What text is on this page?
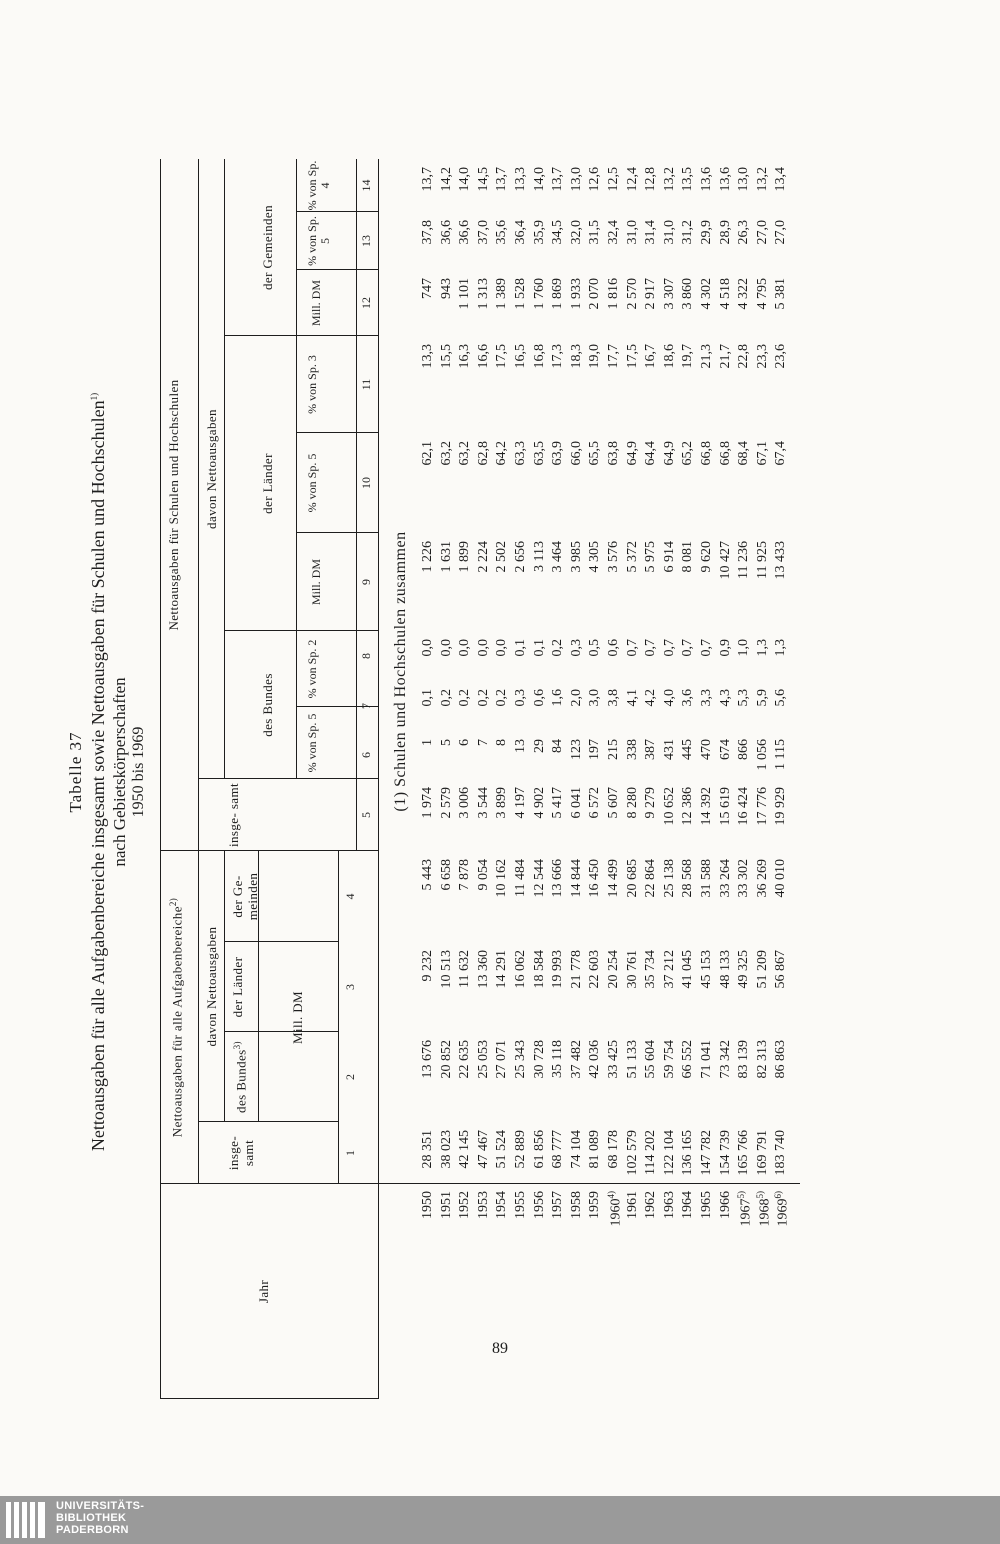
Tabelle 37 Nettoausgaben für alle Aufgabenbereiche insgesamt sowie Nettoausgaben für Schulen und Hochschulen$^{1)}$
nach Gebietskörperschaften 1950 bis 1969
Jahr
Nettoausgaben für alle Aufgabenbereiche$^{2)}$
insge- samt
davon Nettoausgaben
des Bundes$^{3)}$
der Länder
der Ge- meinden
Mill. DM
Nettoausgaben für Schulen und Hochschulen
insge- samt
davon Nettoausgaben
des Bundes
der Länder
der Gemeinden
% von Sp. 5
% von Sp. 2
Mill. DM
% von Sp. 5
% von Sp. 3
Mill. DM
% von Sp. 5
% von Sp. 4
1
2
3
4
5
6
7
8
9
10
11
12
13
14
(1) Schulen und Hochschulen zusammen
1950
28 351
13 676
9 232
5 443
1 974
1
0,1
0,0
1 226
62,1
13,3
747
37,8
13,7
1951
38 023
20 852
10 513
6 658
2 579
5
0,2
0,0
1 631
63,2
15,5
943
36,6
14,2
1952
42 145
22 635
11 632
7 878
3 006
6
0,2
0,0
1 899
63,2
16,3
1 101
36,6
14,0
1953
47 467
25 053
13 360
9 054
3 544
7
0,2
0,0
2 224
62,8
16,6
1 313
37,0
14,5
1954
51 524
27 071
14 291
10 162
3 899
8
0,2
0,0
2 502
64,2
17,5
1 389
35,6
13,7
1955
52 889
25 343
16 062
11 484
4 197
13
0,3
0,1
2 656
63,3
16,5
1 528
36,4
13,3
1956
61 856
30 728
18 584
12 544
4 902
29
0,6
0,1
3 113
63,5
16,8
1 760
35,9
14,0
1957
68 777
35 118
19 993
13 666
5 417
84
1,6
0,2
3 464
63,9
17,3
1 869
34,5
13,7
1958
74 104
37 482
21 778
14 844
6 041
123
2,0
0,3
3 985
66,0
18,3
1 933
32,0
13,0
1959
81 089
42 036
22 603
16 450
6 572
197
3,0
0,5
4 305
65,5
19,0
2 070
31,5
12,6
1960$^{4)}$
68 178
33 425
20 254
14 499
5 607
215
3,8
0,6
3 576
63,8
17,7
1 816
32,4
12,5
1961
102 579
51 133
30 761
20 685
8 280
338
4,1
0,7
5 372
64,9
17,5
2 570
31,0
12,4
1962
114 202
55 604
35 734
22 864
9 279
387
4,2
0,7
5 975
64,4
16,7
2 917
31,4
12,8
1963
122 104
59 754
37 212
25 138
10 652
431
4,0
0,7
6 914
64,9
18,6
3 307
31,0
13,2
1964
136 165
66 552
41 045
28 568
12 386
445
3,6
0,7
8 081
65,2
19,7
3 860
31,2
13,5
1965
147 782
71 041
45 153
31 588
14 392
470
3,3
0,7
9 620
66,8
21,3
4 302
29,9
13,6
1966
154 739
73 342
48 133
33 264
15 619
674
4,3
0,9
10 427
66,8
21,7
4 518
28,9
13,6
1967$^{5)}$
165 766
83 139
49 325
33 302
16 424
866
5,3
1,0
11 236
68,4
22,8
4 322
26,3
13,0
1968$^{5)}$
169 791
82 313
51 209
36 269
17 776
1 056
5,9
1,3
11 925
67,1
23,3
4 795
27,0
13,2
1969$^{6)}$
183 740
86 863
56 867
40 010
19 929
1 115
5,6
1,3
13 433
67,4
23,6
5 381
27,0
13,4
89
UNIVERSITÄTS-
BIBLIOTHEK
PADERBORN
